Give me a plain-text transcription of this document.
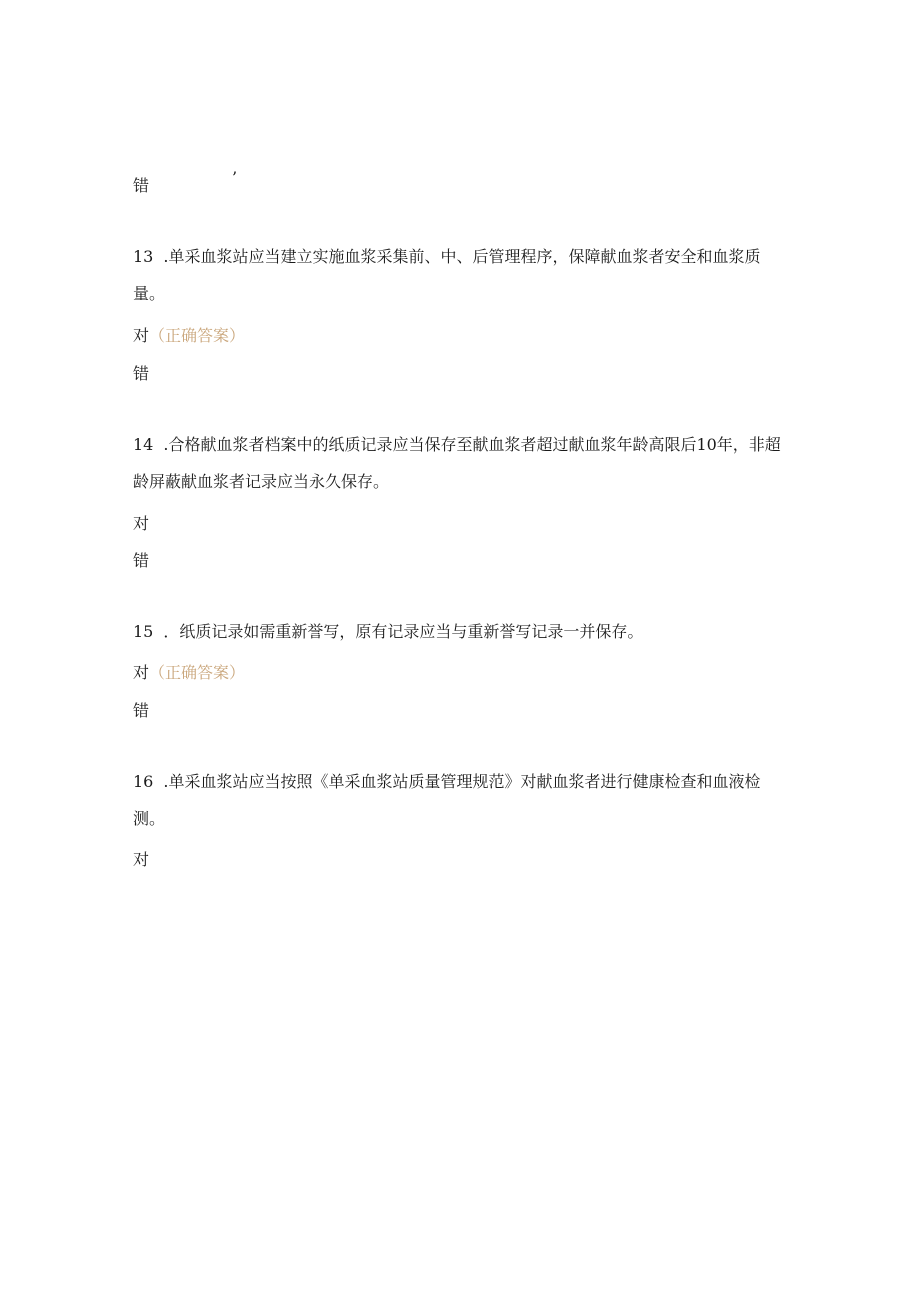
错	’
13 .单采血浆站应当建立实施血浆采集前、中、后管理程序，保障献血浆者安全和血浆质量。
对（正确答案）
错
14 .合格献血浆者档案中的纸质记录应当保存至献血浆者超过献血浆年龄高限后10年，非超龄屏蔽献血浆者记录应当永久保存。
对
错
15 ．纸质记录如需重新誉写，原有记录应当与重新誉写记录一并保存。
对（正确答案）
错
16 .单采血浆站应当按照《单采血浆站质量管理规范》对献血浆者进行健康检查和血液检测。
对
